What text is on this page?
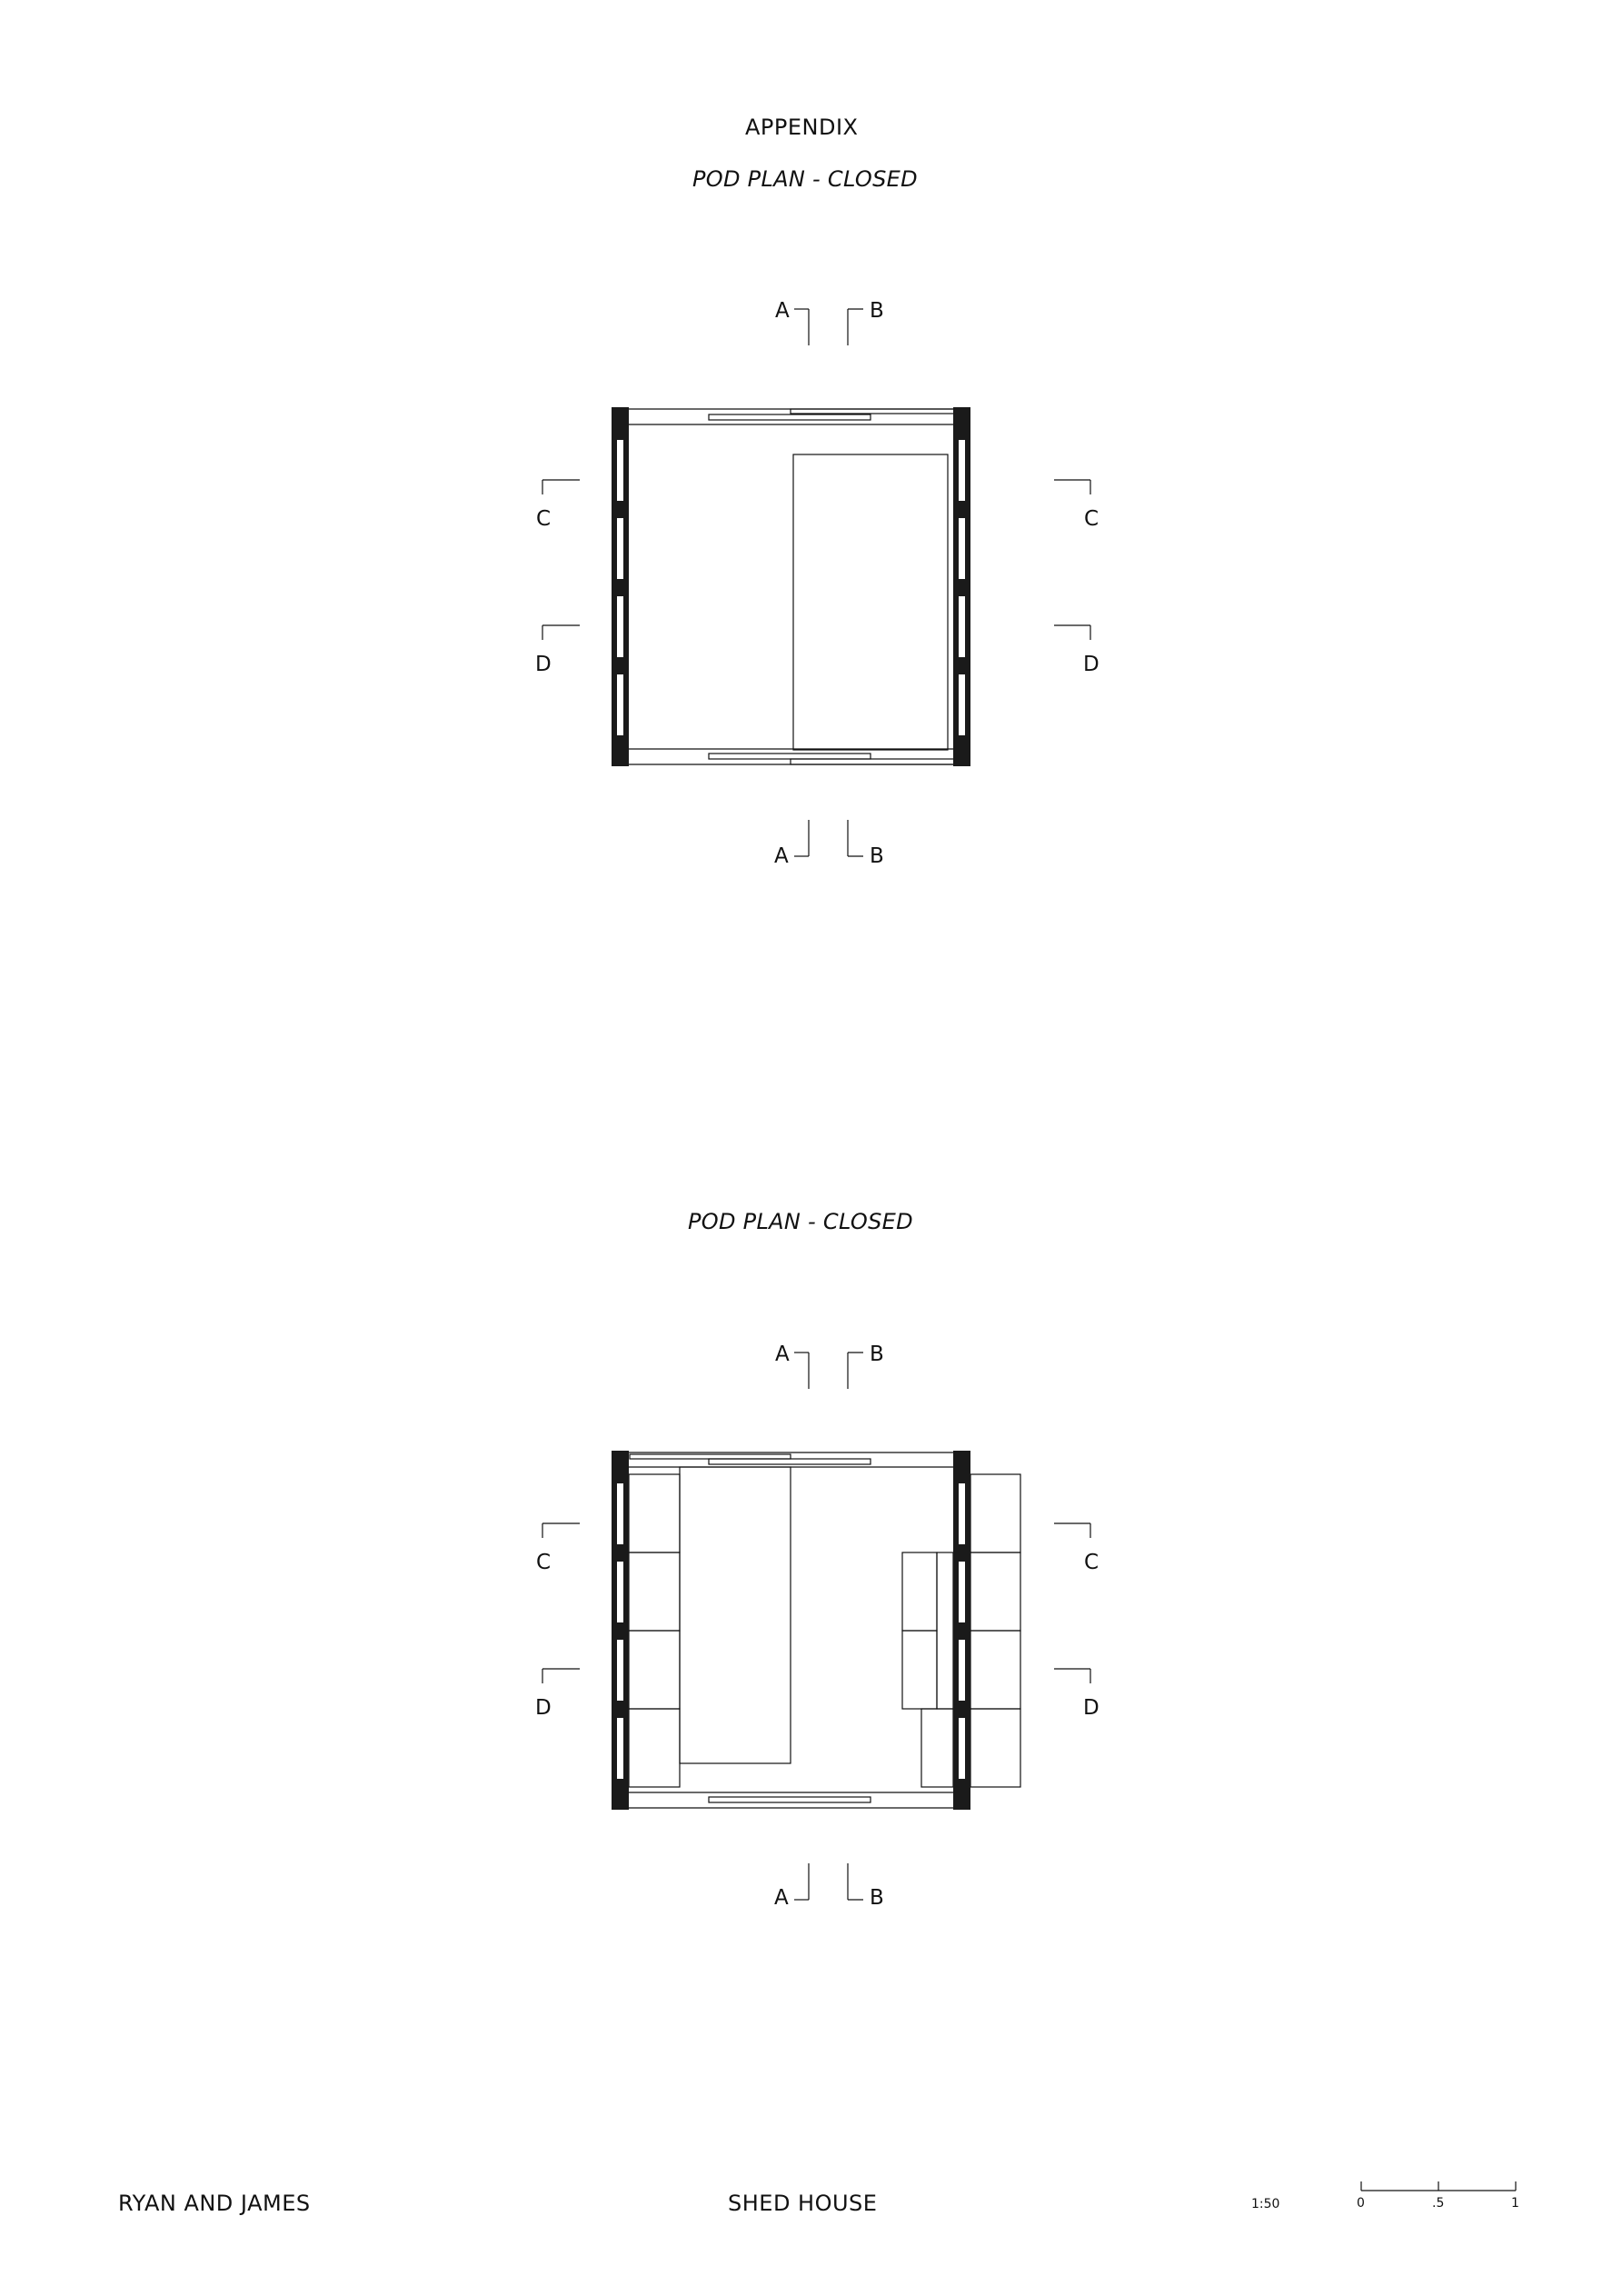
APPENDIX
POD PLAN - CLOSED
POD PLAN - CLOSED
A	B
C	C
D	D
A	B
A	B
C	C
D	D
A	B
RYAN AND JAMES	SHED HOUSE	1:50	0	.5	1
